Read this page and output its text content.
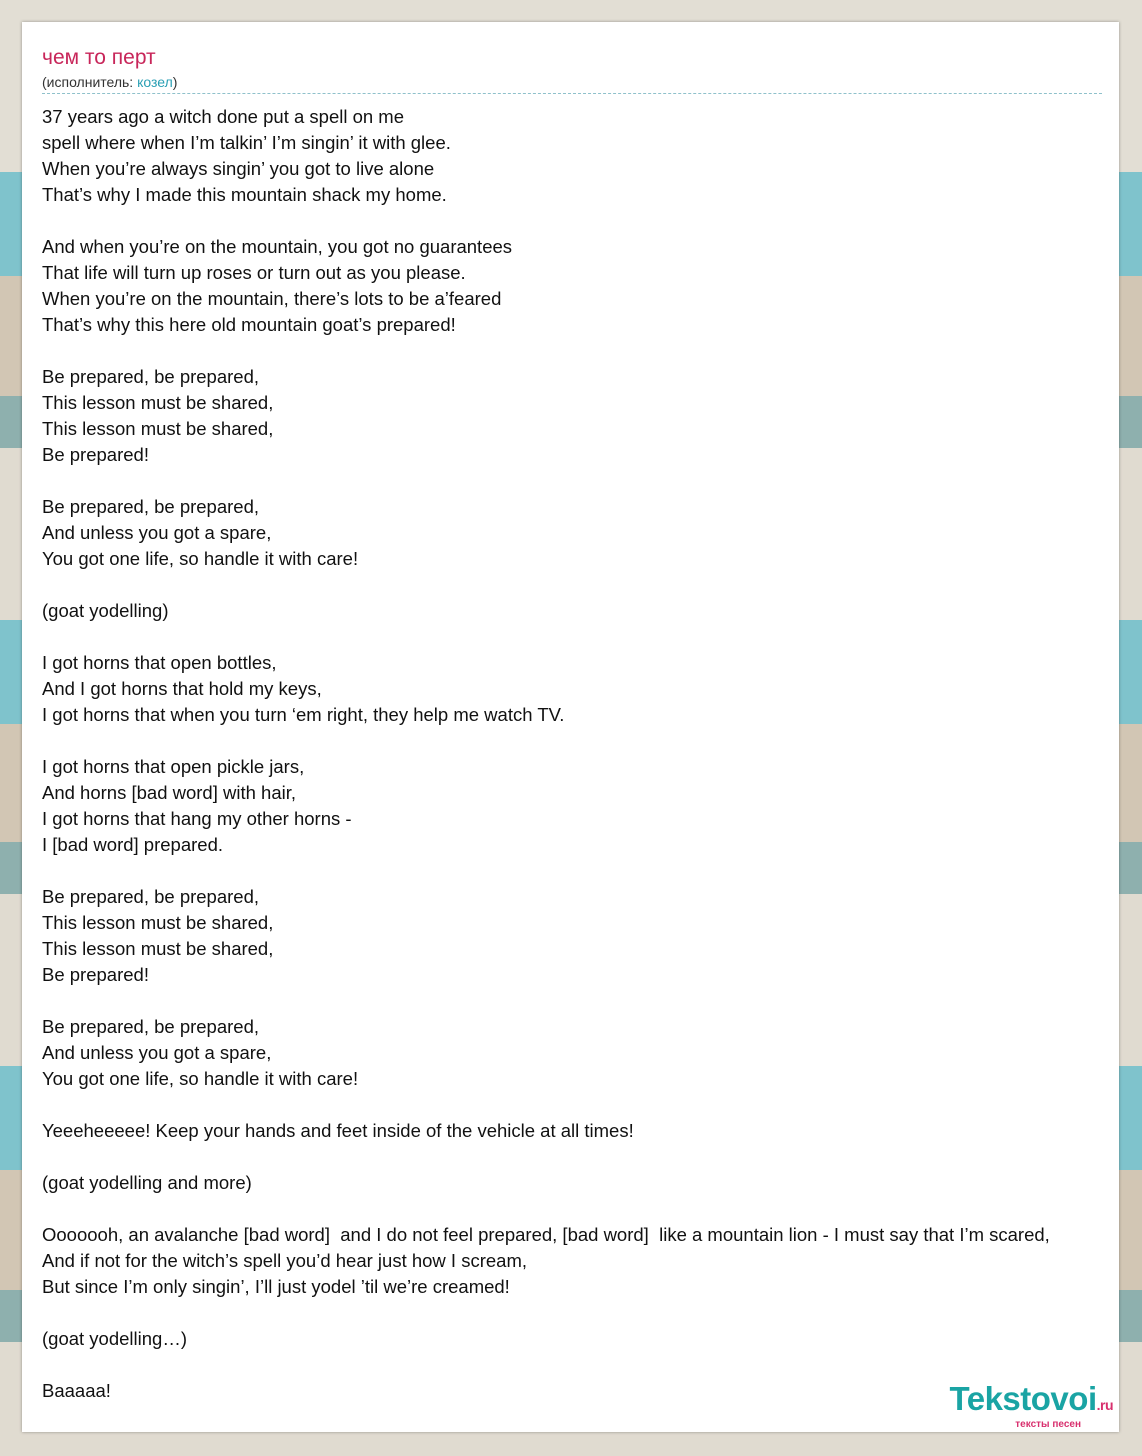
чем то перт
(исполнитель: козел)
37 years ago a witch done put a spell on me
spell where when I’m talkin’ I’m singin’ it with glee.
When you’re always singin’ you got to live alone
That’s why I made this mountain shack my home.

And when you’re on the mountain, you got no guarantees
That life will turn up roses or turn out as you please.
When you’re on the mountain, there’s lots to be a’feared
That’s why this here old mountain goat’s prepared!

Be prepared, be prepared,
This lesson must be shared,
This lesson must be shared,
Be prepared!

Be prepared, be prepared,
And unless you got a spare,
You got one life, so handle it with care!

(goat yodelling)

I got horns that open bottles,
And I got horns that hold my keys,
I got horns that when you turn ‘em right, they help me watch TV.

I got horns that open pickle jars,
And horns [bad word] with hair,
I got horns that hang my other horns -
I [bad word] prepared.

Be prepared, be prepared,
This lesson must be shared,
This lesson must be shared,
Be prepared!

Be prepared, be prepared,
And unless you got a spare,
You got one life, so handle it with care!

Yeeeheeeee! Keep your hands and feet inside of the vehicle at all times!

(goat yodelling and more)

Ooooooh, an avalanche [bad word]  and I do not feel prepared, [bad word]  like a mountain lion - I must say that I’m scared,
And if not for the witch’s spell you’d hear just how I scream,
But since I’m only singin’, I’ll just yodel ’til we’re creamed!

(goat yodelling…)

Baaaaa!	Tekstovoi.ru
тексты песен
